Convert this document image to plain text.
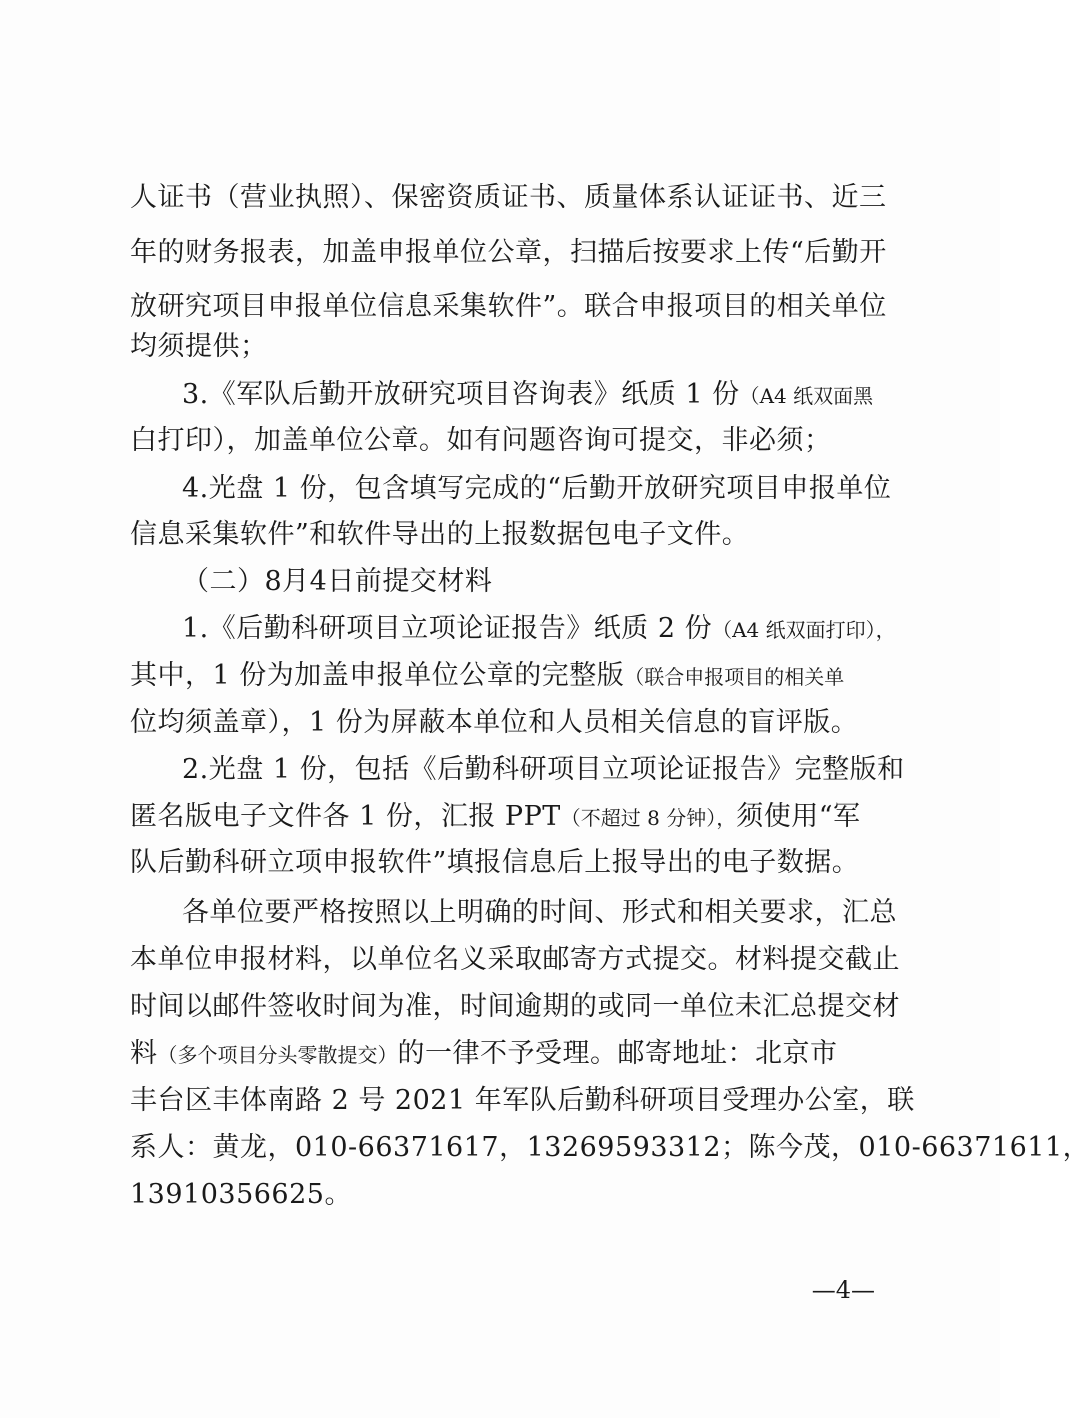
人证书（营业执照）、保密资质证书、质量体系认证证书、近三
年的财务报表，加盖申报单位公章，扫描后按要求上传“后勤开
放研究项目申报单位信息采集软件”。联合申报项目的相关单位
均须提供；
3.《军队后勤开放研究项目咨询表》纸质 1 份（A4 纸双面黑
白打印），加盖单位公章。如有问题咨询可提交，非必须；
4.光盘 1 份，包含填写完成的“后勤开放研究项目申报单位
信息采集软件”和软件导出的上报数据包电子文件。
（二）8月4日前提交材料
1.《后勤科研项目立项论证报告》纸质 2 份（A4 纸双面打印），
其中，1 份为加盖申报单位公章的完整版（联合申报项目的相关单
位均须盖章），1 份为屏蔽本单位和人员相关信息的盲评版。
2.光盘 1 份，包括《后勤科研项目立项论证报告》完整版和
匿名版电子文件各 1 份，汇报 PPT（不超过 8 分钟），须使用“军
队后勤科研立项申报软件”填报信息后上报导出的电子数据。
各单位要严格按照以上明确的时间、形式和相关要求，汇总
本单位申报材料，以单位名义采取邮寄方式提交。材料提交截止
时间以邮件签收时间为准，时间逾期的或同一单位未汇总提交材
料（多个项目分头零散提交）的一律不予受理。邮寄地址：北京市
丰台区丰体南路 2 号 2021 年军队后勤科研项目受理办公室，联
系人：黄龙，010-66371617，13269593312；陈今茂，010-66371611，
13910356625。
—4—
